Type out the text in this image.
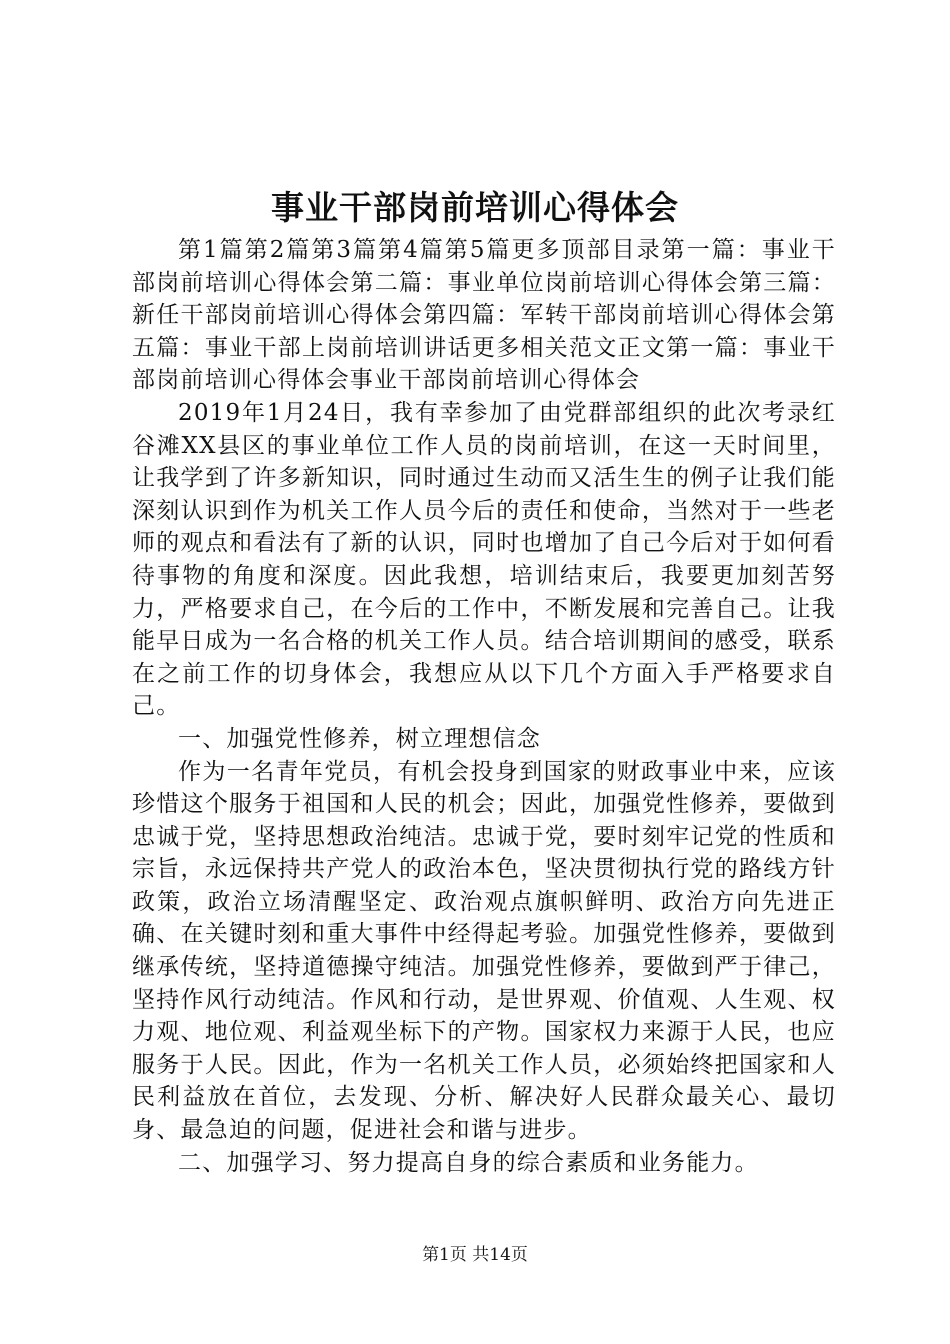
事业干部岗前培训心得体会

第1篇第2篇第3篇第4篇第5篇更多顶部目录第一篇：事业干部岗前培训心得体会第二篇：事业单位岗前培训心得体会第三篇：新任干部岗前培训心得体会第四篇：军转干部岗前培训心得体会第五篇：事业干部上岗前培训讲话更多相关范文正文第一篇：事业干部岗前培训心得体会事业干部岗前培训心得体会

2019年1月24日，我有幸参加了由党群部组织的此次考录红谷滩XX县区的事业单位工作人员的岗前培训，在这一天时间里，让我学到了许多新知识，同时通过生动而又活生生的例子让我们能深刻认识到作为机关工作人员今后的责任和使命，当然对于一些老师的观点和看法有了新的认识，同时也增加了自己今后对于如何看待事物的角度和深度。因此我想，培训结束后，我要更加刻苦努力，严格要求自己，在今后的工作中，不断发展和完善自己。让我能早日成为一名合格的机关工作人员。结合培训期间的感受，联系在之前工作的切身体会，我想应从以下几个方面入手严格要求自己。

一、加强党性修养，树立理想信念

作为一名青年党员，有机会投身到国家的财政事业中来，应该珍惜这个服务于祖国和人民的机会；因此，加强党性修养，要做到忠诚于党，坚持思想政治纯洁。忠诚于党，要时刻牢记党的性质和宗旨，永远保持共产党人的政治本色，坚决贯彻执行党的路线方针政策，政治立场清醒坚定、政治观点旗帜鲜明、政治方向先进正确、在关键时刻和重大事件中经得起考验。加强党性修养，要做到继承传统，坚持道德操守纯洁。加强党性修养，要做到严于律己，坚持作风行动纯洁。作风和行动，是世界观、价值观、人生观、权力观、地位观、利益观坐标下的产物。国家权力来源于人民，也应服务于人民。因此，作为一名机关工作人员，必须始终把国家和人民利益放在首位，去发现、分析、解决好人民群众最关心、最切身、最急迫的问题，促进社会和谐与进步。

二、加强学习、努力提高自身的综合素质和业务能力。

第1页 共14页
